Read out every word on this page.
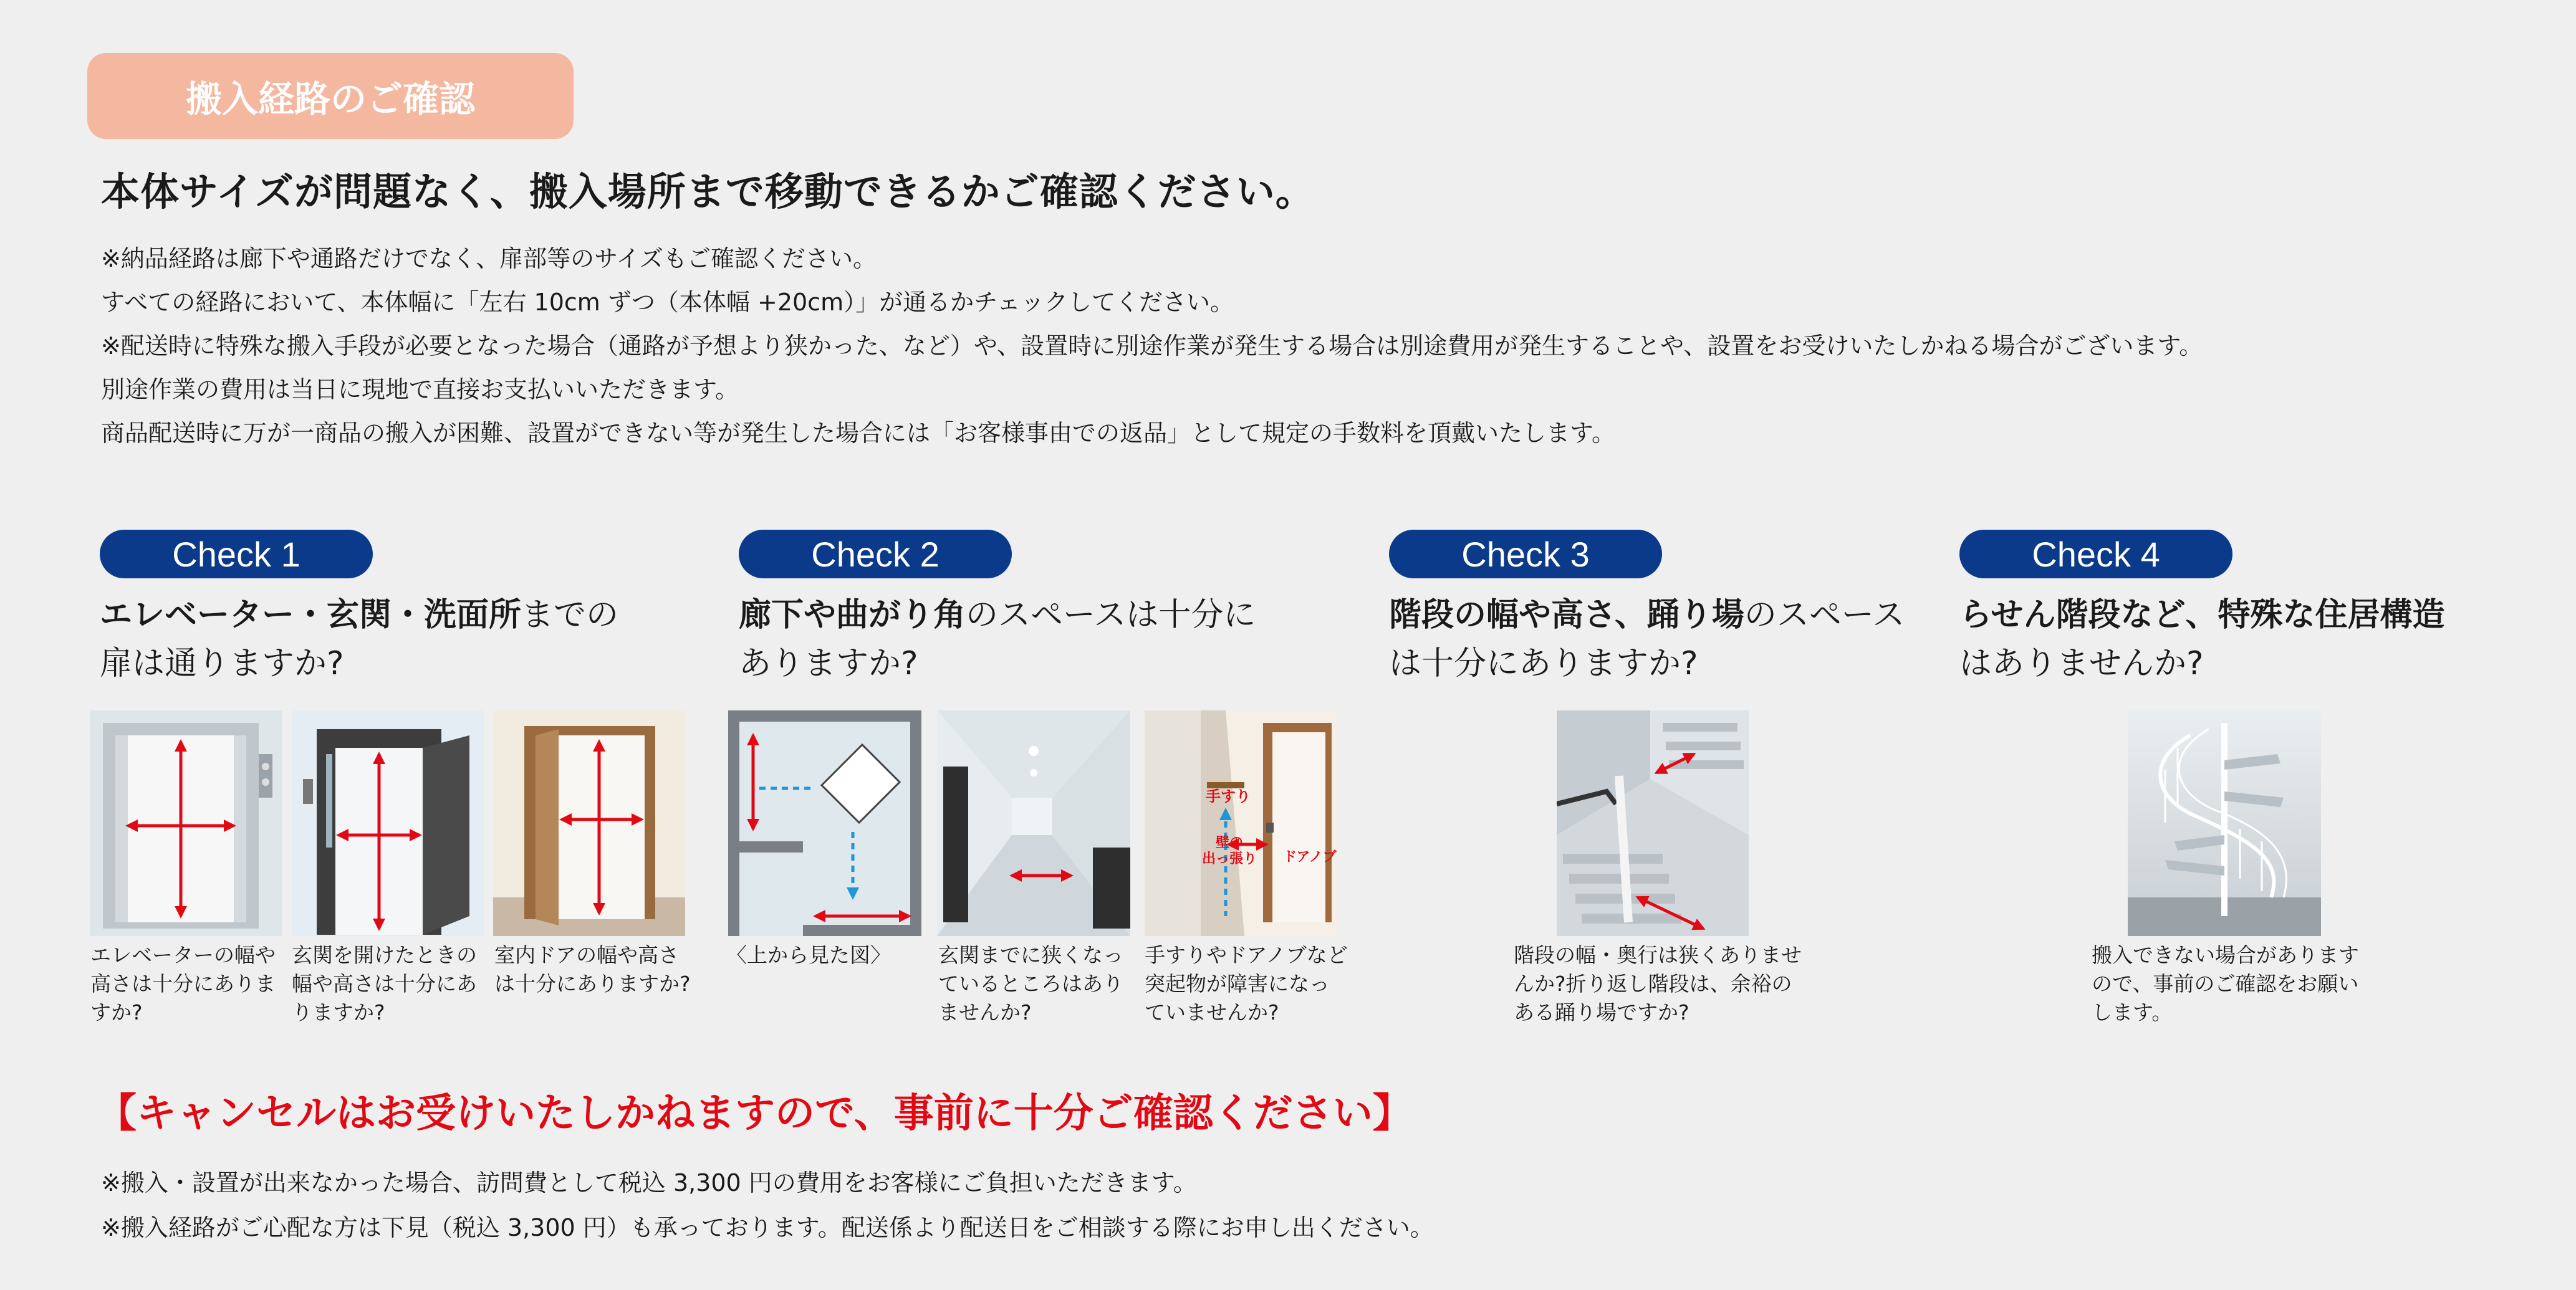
搬入経路のご確認
本体サイズが問題なく、搬入場所まで移動できるかご確認ください。
※納品経路は廊下や通路だけでなく、扉部等のサイズもご確認ください。
すべての経路において、本体幅に「左右 10cm ずつ（本体幅 +20cm）」が通るかチェックしてください。
※配送時に特殊な搬入手段が必要となった場合（通路が予想より狭かった、など）や、設置時に別途作業が発生する場合は別途費用が発生することや、設置をお受けいたしかねる場合がございます。
別途作業の費用は当日に現地で直接お支払いいただきます。
商品配送時に万が一商品の搬入が困難、設置ができない等が発生した場合には「お客様事由での返品」として規定の手数料を頂戴いたします。
Check 1	Check 2	Check 3	Check 4
エレベーター・玄関・洗面所までの
扉は通りますか?
廊下や曲がり角のスペースは十分に
ありますか?
階段の幅や高さ、踊り場のスペース
は十分にありますか?
らせん階段など、特殊な住居構造
はありませんか?
手すり
壁の
出っ張り ドアノブ
エレベーターの幅や
高さは十分にありま
すか?
玄関を開けたときの
幅や高さは十分にあ
りますか?
室内ドアの幅や高さ
は十分にありますか?
〈上から見た図〉 玄関までに狭くなっ
ているところはあり
ませんか?
手すりやドアノブなど
突起物が障害になっ
ていませんか?
階段の幅・奥行は狭くありませ
んか?折り返し階段は、余裕の
ある踊り場ですか?
搬入できない場合があります
ので、事前のご確認をお願い
します。
【キャンセルはお受けいたしかねますので、事前に十分ご確認ください】
※搬入・設置が出来なかった場合、訪問費として税込 3,300 円の費用をお客様にご負担いただきます。
※搬入経路がご心配な方は下見（税込 3,300 円）も承っております。配送係より配送日をご相談する際にお申し出ください。
